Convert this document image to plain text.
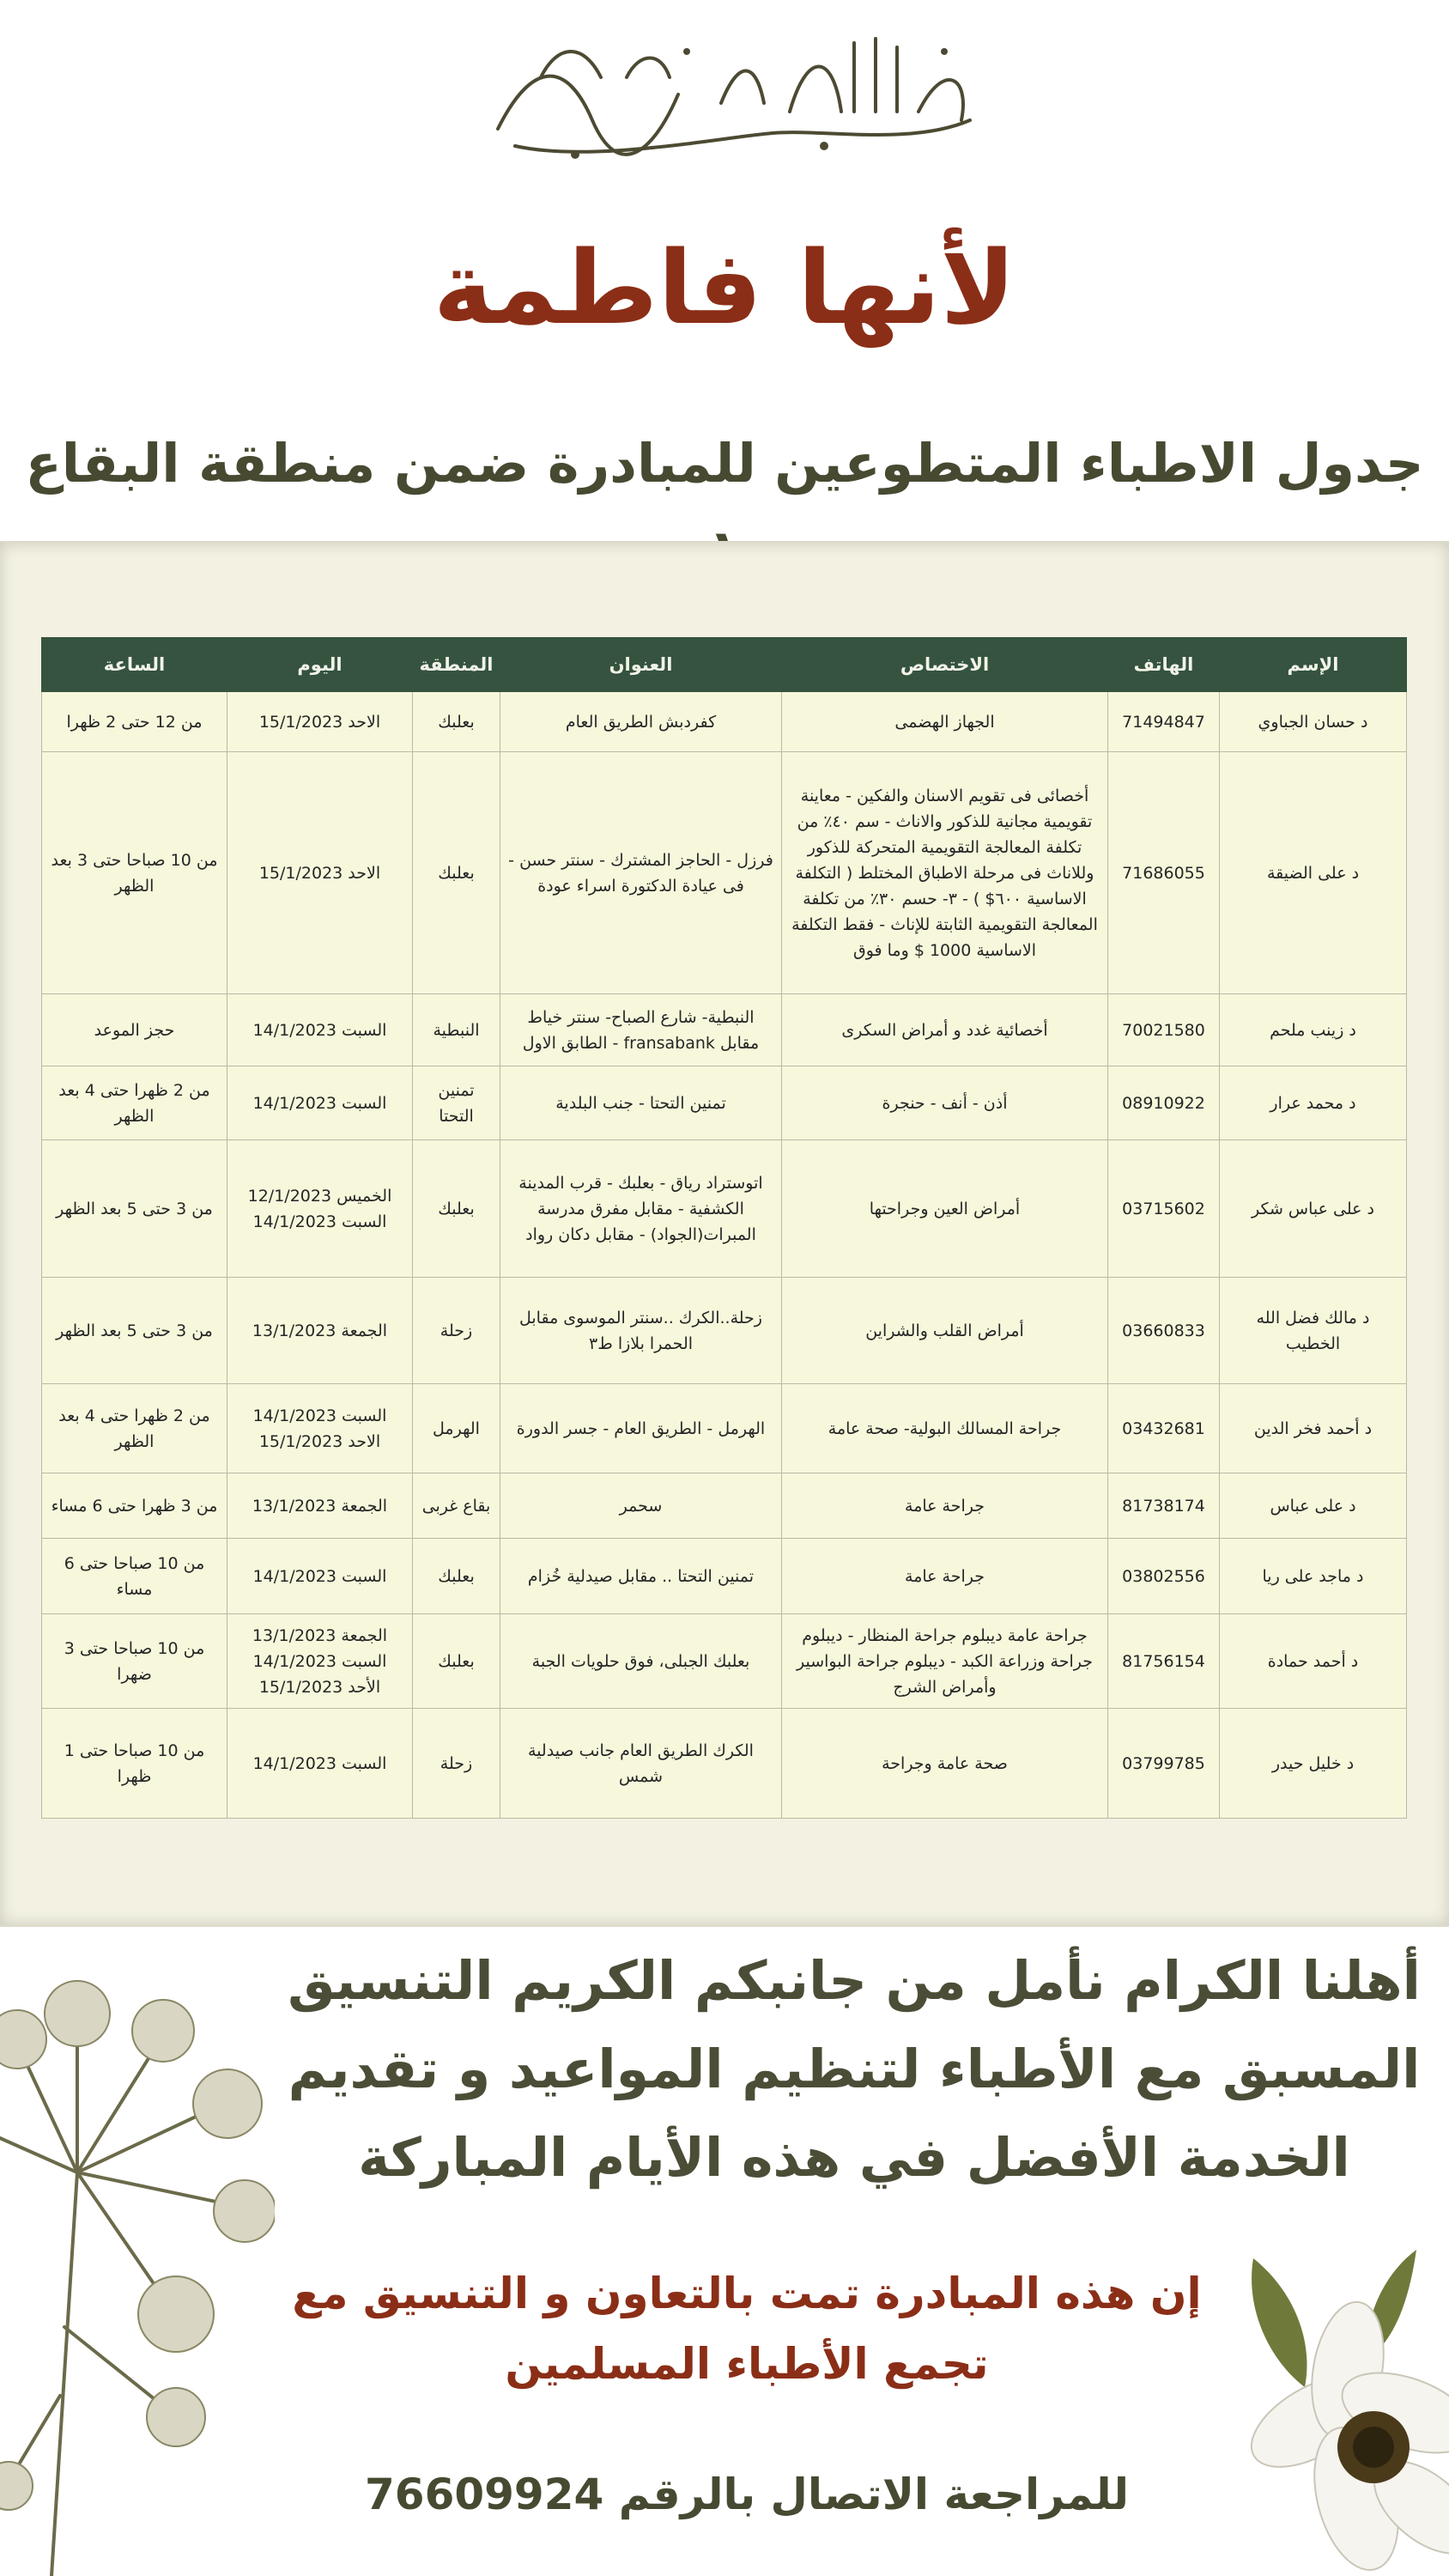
لأنها فاطمة
جدول الاطباء المتطوعين للمبادرة ضمن منطقة البقاع
الإسم	الهاتف	الاختصاص	العنوان	المنطقة	اليوم	الساعة
د حسان الجباوي	71494847	الجهاز الهضمى	كفردبش الطريق العام	بعلبك	الاحد 15/1/2023	من 12 حتى 2 ظهرا
د على الضيقة	71686055	أخصائى فى تقويم الاسنان والفكين - معاينة تقويمية مجانية للذكور والاناث - سم ٤٠٪ من تكلفة المعالجة التقويمية المتحركة للذكور وللاناث فى مرحلة الاطباق المختلط ( التكلفة الاساسية ٦٠٠$ ) - ٣- حسم ٣٠٪ من تكلفة المعالجة التقويمية الثابتة للإناث - فقط التكلفة الاساسية 1000 $ وما فوق	فرزل - الحاجز المشترك - سنتر حسن - فى عيادة الدكتورة اسراء عودة	بعلبك	الاحد 15/1/2023	من 10 صباحا حتى 3 بعد الظهر
د زينب ملحم	70021580	أخصائية غدد و أمراض السكرى	النبطية- شارع الصباح- سنتر خياط مقابل fransabank - الطابق الاول	النبطية	السبت 14/1/2023	حجز الموعد
د محمد عرار	08910922	أذن - أنف - حنجرة	تمنين التحتا - جنب البلدية	تمنين التحتا	السبت 14/1/2023	من 2 ظهرا حتى 4 بعد الظهر
د على عباس شكر	03715602	أمراض العين وجراحتها	اتوستراد رياق - بعلبك - قرب المدينة الكشفية - مقابل مفرق مدرسة المبرات(الجواد) - مقابل دكان رواد	بعلبك	الخميس 12/1/2023 السبت 14/1/2023	من 3 حتى 5 بعد الظهر
د مالك فضل الله الخطيب	03660833	أمراض القلب والشراين	زحلة..الكرك ..سنتر الموسوى مقابل الحمرا بلازا ط٣	زحلة	الجمعة 13/1/2023	من 3 حتى 5 بعد الظهر
د أحمد فخر الدين	03432681	جراحة المسالك البولية- صحة عامة	الهرمل - الطريق العام - جسر الدورة	الهرمل	السبت 14/1/2023 الاحد 15/1/2023	من 2 ظهرا حتى 4 بعد الظهر
د على عباس	81738174	جراحة عامة	سحمر	بقاع غربى	الجمعة 13/1/2023	من 3 ظهرا حتى 6 مساء
د ماجد على ريا	03802556	جراحة عامة	تمنين التحتا .. مقابل صيدلية خُزام	بعلبك	السبت 14/1/2023	من 10 صباحا حتى 6 مساء
د أحمد حمادة	81756154	جراحة عامة ديبلوم جراحة المنظار - ديبلوم جراحة وزراعة الكبد - ديبلوم جراحة البواسير وأمراض الشرج	بعلبك الجبلى، فوق حلويات الجبة	بعلبك	الجمعة 13/1/2023 السبت 14/1/2023 الأحد 15/1/2023	من 10 صباحا حتى 3 ضهرا
د خليل حيدر	03799785	صحة عامة وجراحة	الكرك الطريق العام جانب صيدلية شمس	زحلة	السبت 14/1/2023	من 10 صباحا حتى 1 ظهرا
أهلنا الكرام نأمل من جانبكم الكريم التنسيق
المسبق مع الأطباء لتنظيم المواعيد و تقديم
الخدمة الأفضل في هذه الأيام المباركة
إن هذه المبادرة تمت بالتعاون و التنسيق مع
تجمع الأطباء المسلمين
للمراجعة الاتصال بالرقم 76609924
